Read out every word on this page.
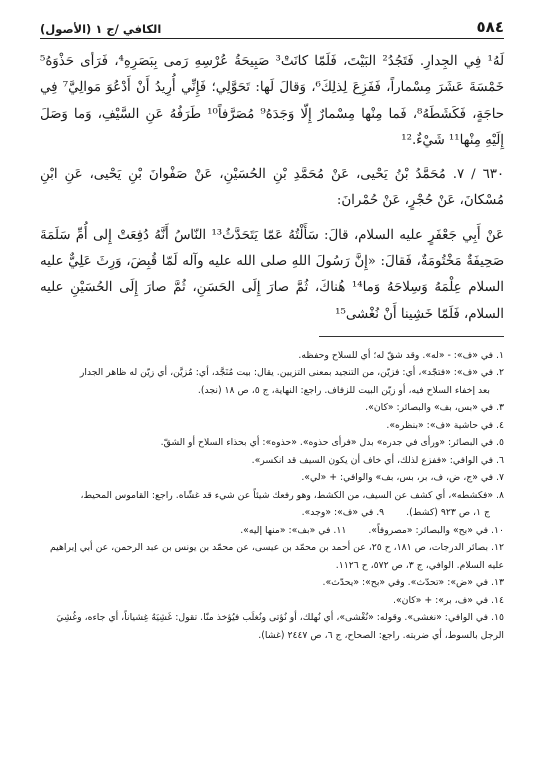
٥٨٤
الكافي /ج ١ (الأصول)

لَهُ¹ فِي الجِدارِ. فَتَجُدُ² البَيْتَ، فَلَمّا كانَتْ³ صَبِيحَةُ عُرْسِهِ رَمى بِبَصَرِهِ⁴، فَرَأى حَذْوَهُ⁵ خَمْسَةَ عَشَرَ مِسْماراً، فَفَزِعَ لِذلِكَ⁶، وَقالَ لَها: تَحَوَّلِي؛ فَإِنِّي أُرِيدُ أَنْ أَدْعُوَ مَوالِيَّ⁷ فِي حاجَةٍ، فَكَشَطَهُ⁸، فَما مِنْها مِسْمارٌ إِلّا وَجَدَهُ⁹ مُصَرَّفاً¹⁰ طَرَفُهُ عَنِ السَّيْفِ، وَما وَصَلَ إِلَيْهِ مِنْها¹¹ شَيْءٌ.¹²

٦٣٠ / ٧. مُحَمَّدُ بْنُ يَحْيى، عَنْ مُحَمَّدِ بْنِ الحُسَيْنِ، عَنْ صَفْوانَ بْنِ يَحْيى، عَنِ ابْنِ مُسْكانَ، عَنْ حُجْرٍ، عَنْ حُمْرانَ:

عَنْ أَبِي جَعْفَرٍ عليه السلام، قالَ: سَأَلْتُهُ عَمّا يَتَحَدَّثُ¹³ النّاسُ أَنَّهُ دُفِعَتْ إِلى أُمِّ سَلَمَةَ صَحِيفَةٌ مَخْتُومَةٌ، فَقالَ: «إِنَّ رَسُولَ اللهِ صلى الله عليه وآله لَمّا قُبِضَ، وَرِثَ عَلِيٌّ عليه السلام عِلْمَهُ وَسِلاحَهُ وَما¹⁴ هُناكَ، ثُمَّ صارَ إِلَى الحَسَنِ، ثُمَّ صارَ إِلَى الحُسَيْنِ عليه السلام، فَلَمّا خَشِينا أَنْ نُغْشى¹⁵

١. في «ف»: - «له». وقد شقّ له؛ أي للسلاح وحفظه.

٢. في «ف»: «فتجّد»، أي: فزيّن، من التنجيد بمعنى التزيين. يقال: بيت مُنَجَّد، أي: مُزيَّن، أي زيّن له ظاهر الجدار

بعد إخفاء السلاح فيه، أو زيّن البيت للزفاف. راجع: النهاية، ج ٥، ص ١٨ (نجد).

٣. في «بس، بف» والبصائر: «كان».

٤. في حاشية «ف»: «بنظره».

٥. في البصائر: «ورأى في جدره» بدل «فرأى حذوه». «حذوه»: أي بحذاء السلاح أو الشقّ.

٦. في الوافي: «ففزع لذلك، أي خاف أن يكون السيف قد انكسر».

٧. في «ج، ض، ف، بر، بس، بف» والوافي: + «لي».

٨. «فكشطه»، أي كشف عن السيف، من الكشط، وهو رفعك شيئاً عن شيء قد غشّاه. راجع: القاموس المحيط،

ج ١، ص ٩٢٣ (كشط).
٩. في «ف»: «وجد».
١٠. في «بح» والبصائر: «مصروفاً».
١١. في «بف»: «منها إليه».

١٢. بصائر الدرجات، ص ١٨١، ح ٢٥، عن أحمد بن محمّد بن عيسى، عن محمّد بن يونس بن عبد الرحمن، عن أبي إبراهيم عليه السلام. الوافي، ج ٣، ص ٥٧٢، ح ١١٢٦.

١٣. في «ض»: «تحدّث». وفي «بح»: «يحدّث».

١٤. في «ف، بر»: + «كان».

١٥. في الوافي: «نغشى». وقوله: «نُغْشى»، أي نُهلك، أو نُؤتى ونُغلَب فيُؤخذ منّا. تقول: غَشِيَهُ غِشياناً، أي جاءه، وغُشِيَ الرجل بالسوط، أي ضربته. راجع: الصحاح، ج ٦، ص ٢٤٤٧ (غشا).
